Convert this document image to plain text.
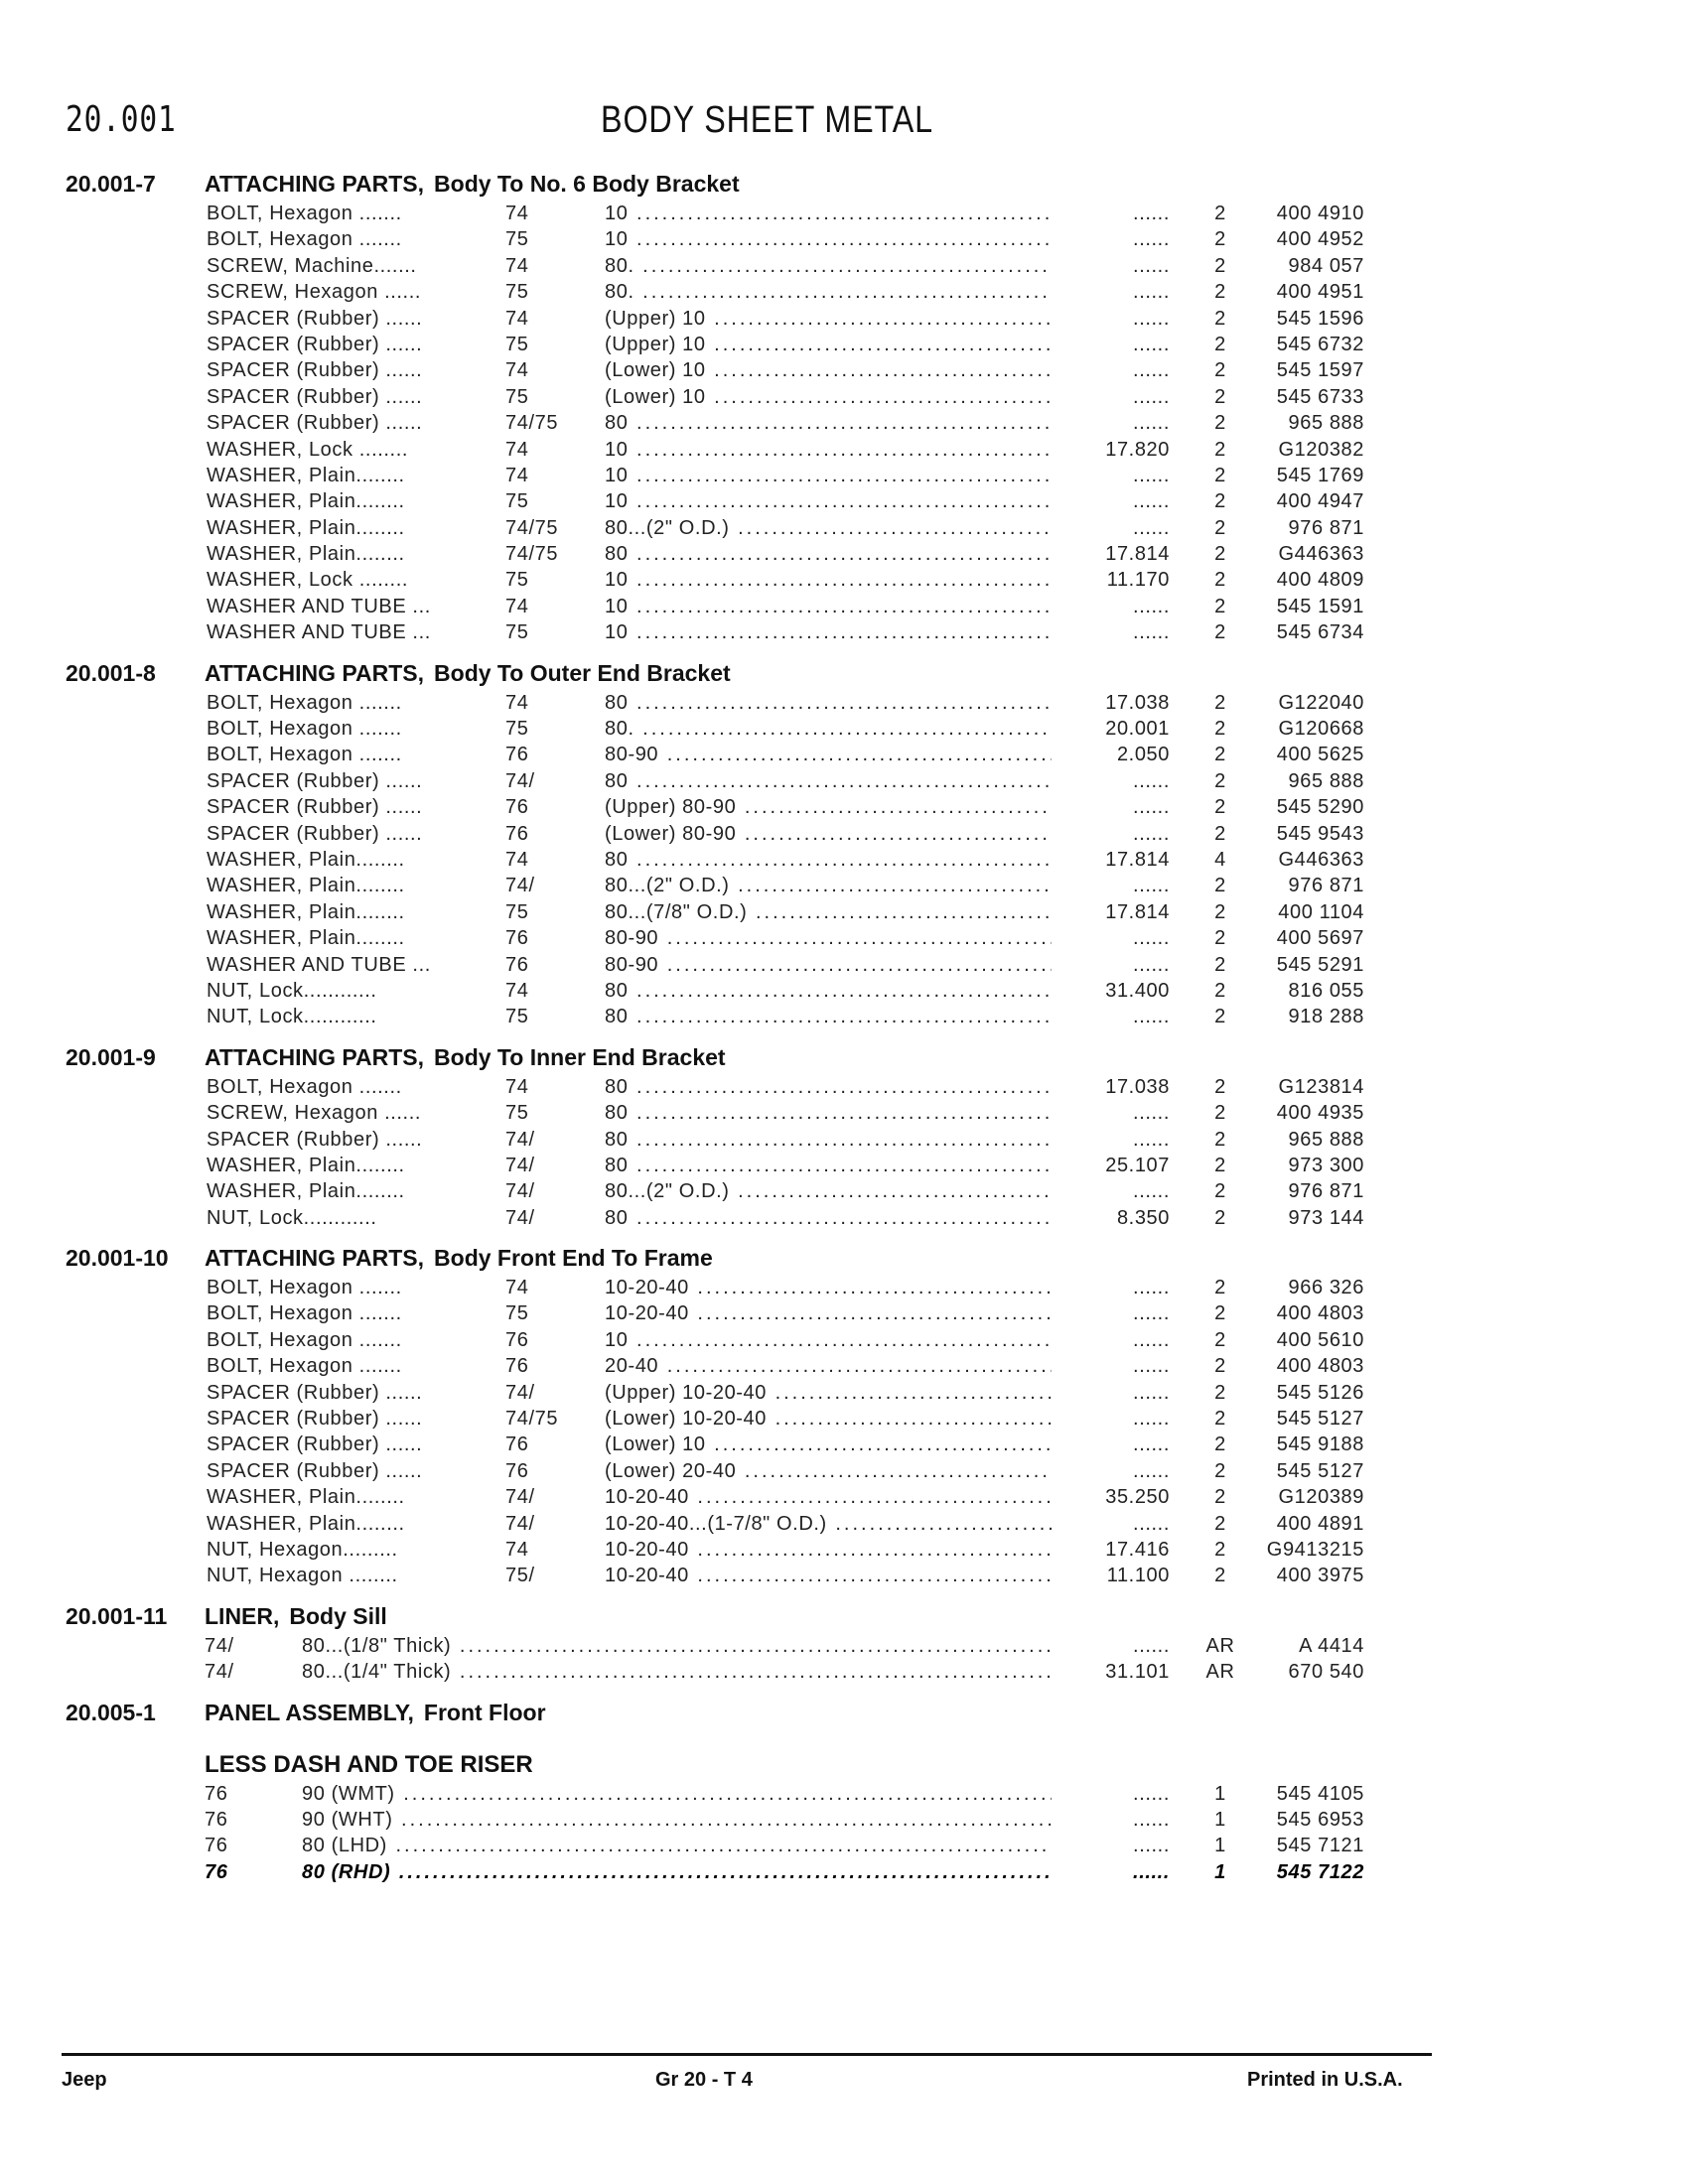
20.001	BODY SHEET METAL
20.001-7 ATTACHING PARTS, Body To No. 6 Body Bracket
BOLT, Hexagon .......	74	10 .....	......	2	400 4910
BOLT, Hexagon .......	75	10 .....	......	2	400 4952
SCREW, Machine.......	74	80. .....	......	2	984 057
SCREW, Hexagon ......	75	80. .....	......	2	400 4951
SPACER (Rubber) ......	74	(Upper) 10 .....	......	2	545 1596
SPACER (Rubber) ......	75	(Upper) 10 .....	......	2	545 6732
SPACER (Rubber) ......	74	(Lower) 10 .....	......	2	545 1597
SPACER (Rubber) ......	75	(Lower) 10 .....	......	2	545 6733
SPACER (Rubber) ......	74/75	80 .....	......	2	965 888
WASHER, Lock ........	74	10 .....	17.820	2	G120382
WASHER, Plain........	74	10 .....	......	2	545 1769
WASHER, Plain........	75	10 .....	......	2	400 4947
WASHER, Plain........	74/75	80...(2" O.D.) .....	......	2	976 871
WASHER, Plain........	74/75	80 .....	17.814	2	G446363
WASHER, Lock ........	75	10 .....	11.170	2	400 4809
WASHER AND TUBE ...	74	10 .....	......	2	545 1591
WASHER AND TUBE ...	75	10 .....	......	2	545 6734
20.001-8 ATTACHING PARTS, Body To Outer End Bracket
BOLT, Hexagon .......	74	80 .....	17.038	2	G122040
BOLT, Hexagon .......	75	80. .....	20.001	2	G120668
BOLT, Hexagon .......	76	80-90 .....	2.050	2	400 5625
SPACER (Rubber) ......	74/	80 .....	......	2	965 888
SPACER (Rubber) ......	76	(Upper) 80-90 .....	......	2	545 5290
SPACER (Rubber) ......	76	(Lower) 80-90 .....	......	2	545 9543
WASHER, Plain........	74	80 .....	17.814	4	G446363
WASHER, Plain........	74/	80...(2" O.D.) .....	......	2	976 871
WASHER, Plain........	75	80...(7/8" O.D.) .....	17.814	2	400 1104
WASHER, Plain........	76	80-90 .....	......	2	400 5697
WASHER AND TUBE ...	76	80-90 .....	......	2	545 5291
NUT, Lock............	74	80 .....	31.400	2	816 055
NUT, Lock............	75	80 .....	......	2	918 288
20.001-9 ATTACHING PARTS, Body To Inner End Bracket
BOLT, Hexagon .......	74	80 .....	17.038	2	G123814
SCREW, Hexagon ......	75	80 .....	......	2	400 4935
SPACER (Rubber) ......	74/	80 .....	......	2	965 888
WASHER, Plain........	74/	80 .....	25.107	2	973 300
WASHER, Plain........	74/	80...(2" O.D.) .....	......	2	976 871
NUT, Lock............	74/	80 .....	8.350	2	973 144
20.001-10 ATTACHING PARTS, Body Front End To Frame
BOLT, Hexagon .......	74	10-20-40 .....	......	2	966 326
BOLT, Hexagon .......	75	10-20-40 .....	......	2	400 4803
BOLT, Hexagon .......	76	10 .....	......	2	400 5610
BOLT, Hexagon .......	76	20-40 .....	......	2	400 4803
SPACER (Rubber) ......	74/	(Upper) 10-20-40 .....	......	2	545 5126
SPACER (Rubber) ......	74/75	(Lower) 10-20-40 .....	......	2	545 5127
SPACER (Rubber) ......	76	(Lower) 10 .....	......	2	545 9188
SPACER (Rubber) ......	76	(Lower) 20-40 .....	......	2	545 5127
WASHER, Plain........	74/	10-20-40 .....	35.250	2	G120389
WASHER, Plain........	74/	10-20-40...(1-7/8" O.D.) .....	......	2	400 4891
NUT, Hexagon.........	74	10-20-40 .....	17.416	2	G9413215
NUT, Hexagon ........	75/	10-20-40 .....	11.100	2	400 3975
20.001-11 LINER, Body Sill
74/	80...(1/8" Thick) .....	...... AR	A 4414
74/	80...(1/4" Thick) .....	31.101 AR	670 540
20.005-1 PANEL ASSEMBLY, Front Floor
LESS DASH AND TOE RISER
76	90 (WMT) .....	......	1	545 4105
76	90 (WHT) .....	......	1	545 6953
76	80 (LHD) .....	......	1	545 7121
76	80 (RHD) .....	......	1	545 7122
Jeep	Gr 20 - T 4	Printed in U.S.A.
